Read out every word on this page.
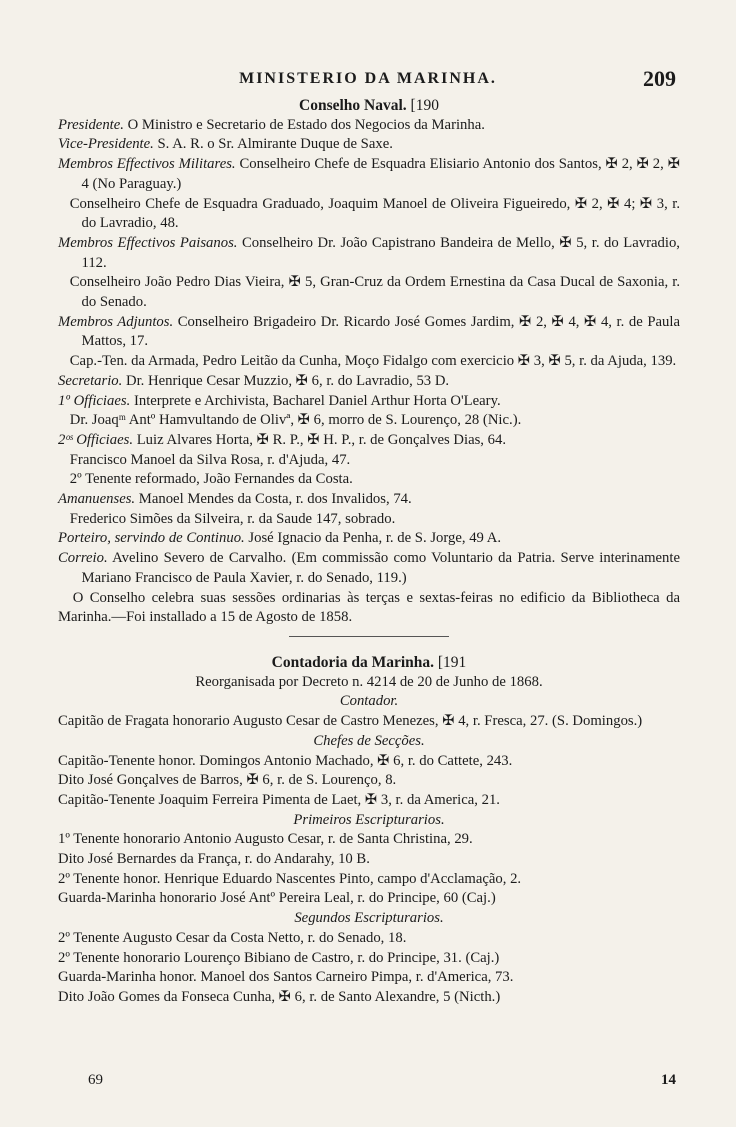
MINISTERIO DA MARINHA.	209
Conselho Naval. [190
Presidente. O Ministro e Secretario de Estado dos Negocios da Marinha.
Vice-Presidente. S. A. R. o Sr. Almirante Duque de Saxe.
Membros Effectivos Militares. Conselheiro Chefe de Esquadra Elisiario Antonio dos Santos, ✠ 2, ✠ 2, ✠ 4 (No Paraguay.)
Conselheiro Chefe de Esquadra Graduado, Joaquim Manoel de Oliveira Figueiredo, ✠ 2, ✠ 4; ✠ 3, r. do Lavradio, 48.
Membros Effectivos Paisanos. Conselheiro Dr. João Capistrano Bandeira de Mello, ✠ 5, r. do Lavradio, 112.
Conselheiro João Pedro Dias Vieira, ✠ 5, Gran-Cruz da Ordem Ernestina da Casa Ducal de Saxonia, r. do Senado.
Membros Adjuntos. Conselheiro Brigadeiro Dr. Ricardo José Gomes Jardim, ✠ 2, ✠ 4, ✠ 4, r. de Paula Mattos, 17.
Cap.-Ten. da Armada, Pedro Leitão da Cunha, Moço Fidalgo com exercicio ✠ 3, ✠ 5, r. da Ajuda, 139.
Secretario. Dr. Henrique Cesar Muzzio, ✠ 6, r. do Lavradio, 53 D.
1º Officiaes. Interprete e Archivista, Bacharel Daniel Arthur Horta O'Leary.
Dr. Joaqᵐ Antº Hamvultando de Olivª, ✠ 6, morro de S. Lourenço, 28 (Nic.).
2ᵒˢ Officiaes. Luiz Alvares Horta, ✠ R. P., ✠ H. P., r. de Gonçalves Dias, 64.
Francisco Manoel da Silva Rosa, r. d'Ajuda, 47.
2º Tenente reformado, João Fernandes da Costa.
Amanuenses. Manoel Mendes da Costa, r. dos Invalidos, 74.
Frederico Simões da Silveira, r. da Saude 147, sobrado.
Porteiro, servindo de Continuo. José Ignacio da Penha, r. de S. Jorge, 49 A.
Correio. Avelino Severo de Carvalho. (Em commissão como Voluntario da Patria. Serve interinamente Mariano Francisco de Paula Xavier, r. do Senado, 119.)
O Conselho celebra suas sessões ordinarias às terças e sextas-feiras no edificio da Bibliotheca da Marinha.—Foi installado a 15 de Agosto de 1858.
Contadoria da Marinha. [191
Reorganisada por Decreto n. 4214 de 20 de Junho de 1868.
Contador.
Capitão de Fragata honorario Augusto Cesar de Castro Menezes, ✠ 4, r. Fresca, 27. (S. Domingos.)
Chefes de Secções.
Capitão-Tenente honor. Domingos Antonio Machado, ✠ 6, r. do Cattete, 243.
Dito José Gonçalves de Barros, ✠ 6, r. de S. Lourenço, 8.
Capitão-Tenente Joaquim Ferreira Pimenta de Laet, ✠ 3, r. da America, 21.
Primeiros Escripturarios.
1º Tenente honorario Antonio Augusto Cesar, r. de Santa Christina, 29.
Dito José Bernardes da França, r. do Andarahy, 10 B.
2º Tenente honor. Henrique Eduardo Nascentes Pinto, campo d'Acclamação, 2.
Guarda-Marinha honorario José Antº Pereira Leal, r. do Principe, 60 (Caj.)
Segundos Escripturarios.
2º Tenente Augusto Cesar da Costa Netto, r. do Senado, 18.
2º Tenente honorario Lourenço Bibiano de Castro, r. do Principe, 31. (Caj.)
Guarda-Marinha honor. Manoel dos Santos Carneiro Pimpa, r. d'America, 73.
Dito João Gomes da Fonseca Cunha, ✠ 6, r. de Santo Alexandre, 5 (Nicth.)
69	14
